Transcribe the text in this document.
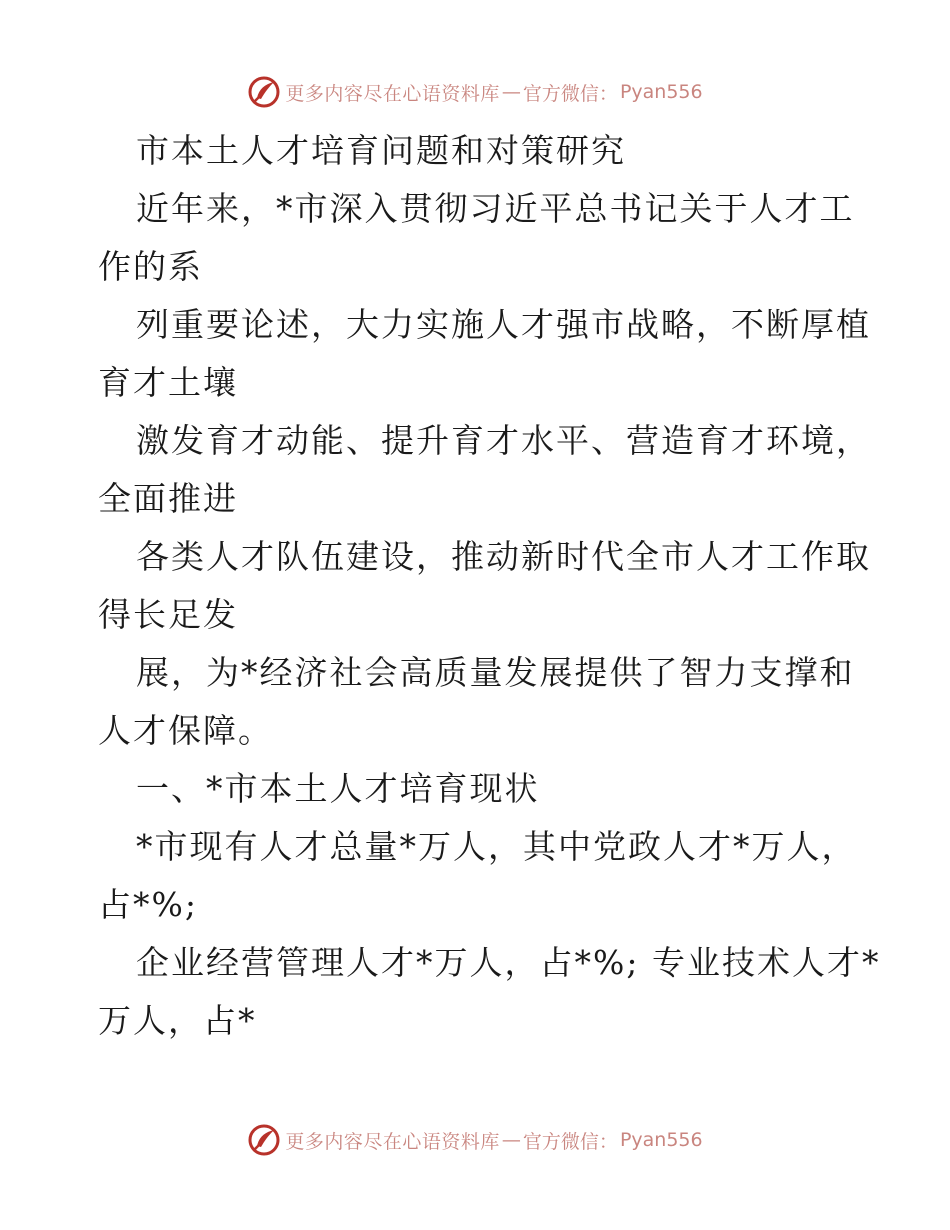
更多内容尽在心语资料库 — 官方微信： Pyan556
市本土人才培育问题和对策研究
近年来，*市深入贯彻习近平总书记关于人才工
作的系
列重要论述，大力实施人才强市战略，不断厚植
育才土壤
激发育才动能、提升育才水平、营造育才环境，
全面推进
各类人才队伍建设，推动新时代全市人才工作取
得长足发
展，为*经济社会高质量发展提供了智力支撑和
人才保障。
一、*市本土人才培育现状
*市现有人才总量*万人，其中党政人才*万人，
占*%;
企业经营管理人才*万人，占*%; 专业技术人才*
万人，占*
更多内容尽在心语资料库 — 官方微信： Pyan556
